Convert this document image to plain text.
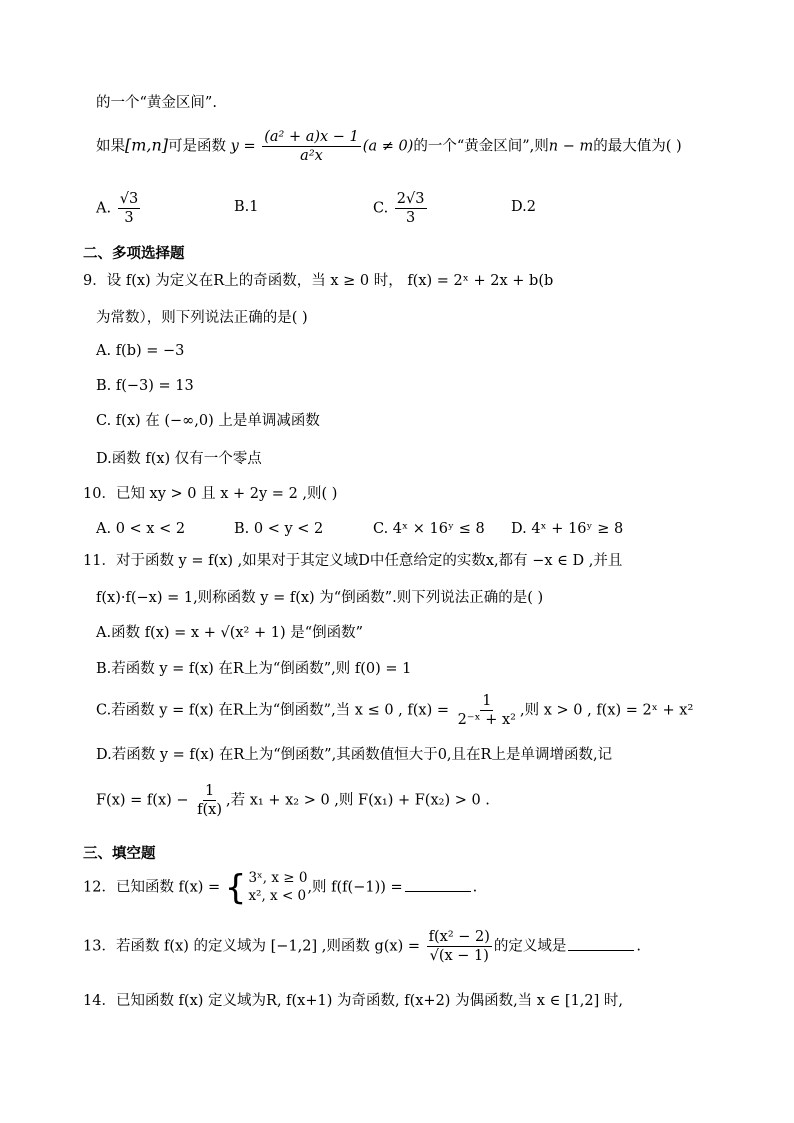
的一个“黄金区间”.
如果[m,n]可是函数 $y = \frac{\text{(a² + a)x − 1}}{\text{a²x}} (a \ne 0)$的一个“黄金区间”,则n − m的最大值为( )
A. $\frac{√3}{3}$	B.1	C. $\frac{2√3}{3}$	D.2
二、多项选择题
9．设 f(x) 为定义在R上的奇函数，当 x ≥ 0 时， f(x) = 2ˣ + 2x + b(b
为常数），则下列说法正确的是( )
A. f(b) = −3
B. f(−3) = 13
C. f(x) 在 (−∞,0) 上是单调减函数
D.函数 f(x) 仅有一个零点
10．已知 xy > 0 且 x + 2y = 2 ,则( )
A. 0 < x < 2	B. 0 < y < 2	C. 4ˣ × 16ʸ ≤ 8 D. 4ˣ + 16ʸ ≥ 8
11．对于函数 y = f(x) ,如果对于其定义域D中任意给定的实数x,都有 −x ∈ D ,并且
f(x)·f(−x) = 1,则称函数 y = f(x) 为“倒函数”.则下列说法正确的是( )
A.函数 f(x) = x + √(x² + 1) 是“倒函数”
B.若函数 y = f(x) 在R上为“倒函数”,则 f(0) = 1
C.若函数 y = f(x) 在R上为“倒函数”,当 x ≤ 0 , $f(x) = \frac{1}{\text{2⁻ˣ + x²}}$ ,则 x > 0 , f(x) = 2ˣ + x²
D.若函数 y = f(x) 在R上为“倒函数”,其函数值恒大于0,且在R上是单调增函数,记
$F(x) = f(x) - \frac{1}{f(x)}$ ,若 x₁ + x₂ > 0 ,则 F(x₁) + F(x₂) > 0 .
三、填空题
12．已知函数 f(x) = { 3ˣ, x ≥ 0
x², x < 0 ,则 f(f(−1)) =	.
13．若函数 f(x) 的定义域为 [−1,2] ,则函数 $g(x) = \frac{\text{f(x² − 2)}}{√(x - 1)}$ 的定义域是	.
14．已知函数 f(x) 定义域为R, f(x+1) 为奇函数, f(x+2) 为偶函数,当 x ∈ [1,2] 时,
